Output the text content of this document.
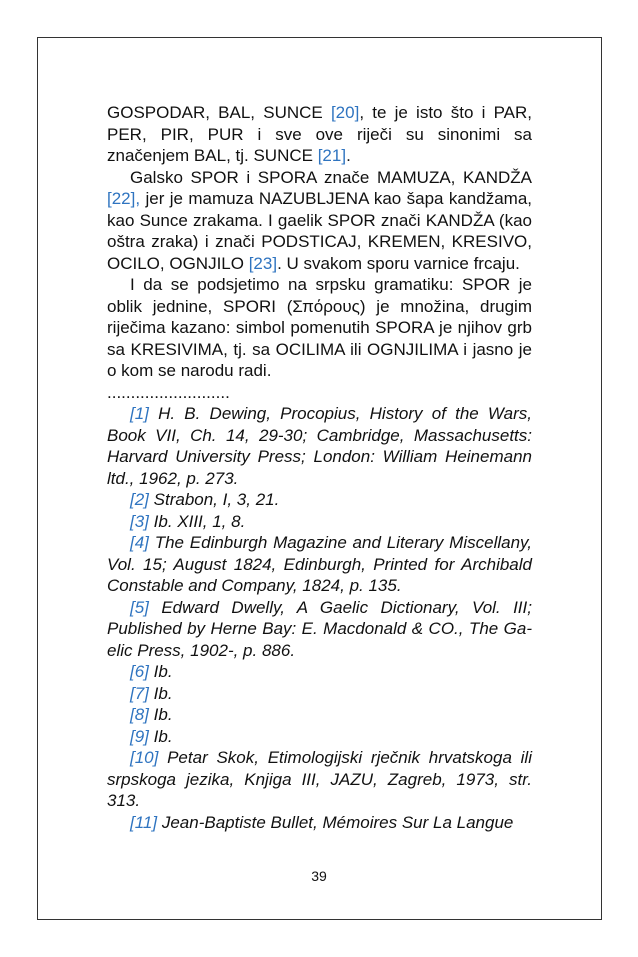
GOSPODAR, BAL, SUNCE [20], te je isto što i PAR, PER, PIR, PUR i sve ove riječi su sinonimi sa značenjem BAL, tj. SUNCE [21].

Galsko SPOR i SPORA znače MAMUZA, KANDŽA [22], jer je mamuza NAZUBLJENA kao šapa kandžama, kao Sunce zrakama. I gaelik SPOR znači KANDŽA (kao oštra zraka) i znači PODSTICAJ, KREMEN, KRESIVO, OCILO, OGNJILO [23]. U svakom sporu varnice frcaju.

I da se podsjetimo na srpsku gramatiku: SPOR je oblik jednine, SPORI (Σπόρους) je množina, drugim riječima kazano: simbol pomenutih SPORA je njihov grb sa KRESIVIMA, tj. sa OCILIMA ili OGNJILIMA i jasno je o kom se narodu radi.

..........................

[1] H. B. Dewing, Procopius, History of the Wars, Book VII, Ch. 14, 29-30; Cambridge, Massachusetts: Harvard University Press; London: William Heinemann ltd., 1962, p. 273.

[2] Strabon, I, 3, 21.

[3] Ib. XIII, 1, 8.

[4] The Edinburgh Magazine and Literary Miscellany, Vol. 15; August 1824, Edinburgh, Printed for Archibald Constable and Company, 1824, p. 135.

[5] Edward Dwelly, A Gaelic Dictionary, Vol. III; Published by Herne Bay: E. Macdonald & CO., The Ga-elic Press, 1902-, p. 886.

[6] Ib.

[7] Ib.

[8] Ib.

[9] Ib.

[10] Petar Skok, Etimologijski rječnik hrvatskoga ili srpskoga jezika, Knjiga III, JAZU, Zagreb, 1973, str. 313.

[11] Jean-Baptiste Bullet, Mémoires Sur La Langue

39
